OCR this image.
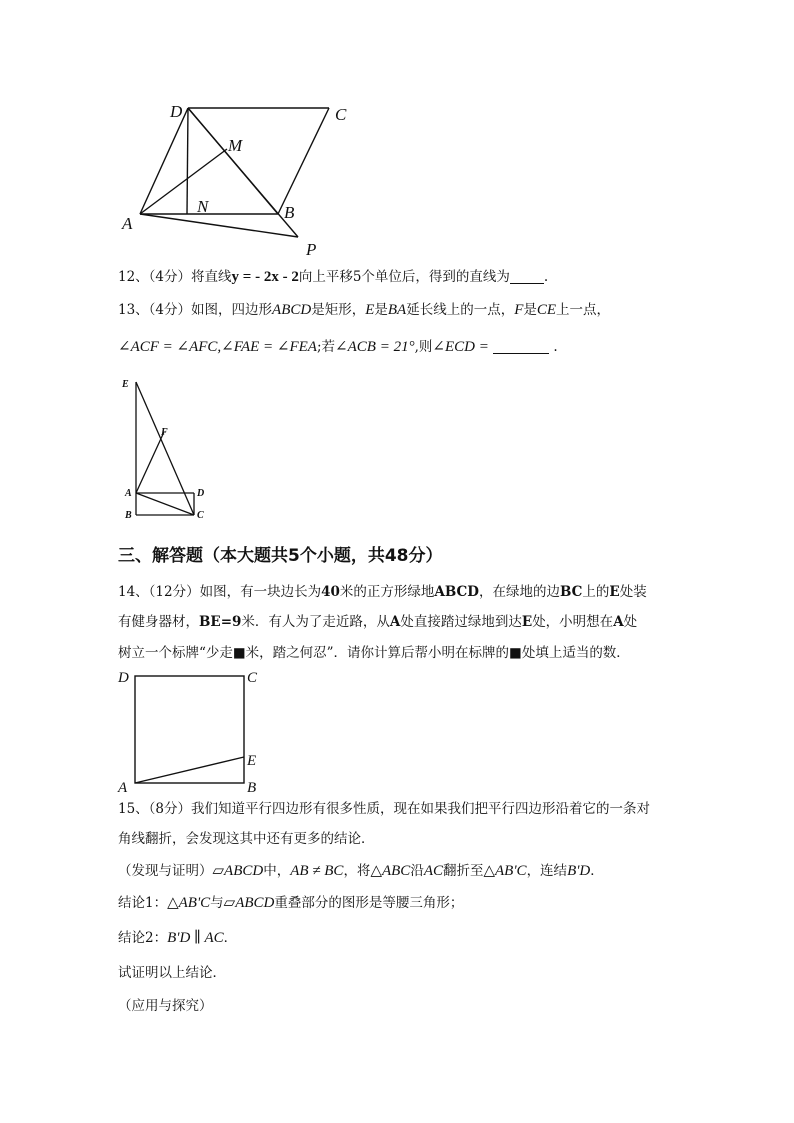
A
B
C
D
M
N
P
12、（4分）将直线y = - 2x - 2向上平移5个单位后，得到的直线为	.
13、（4分）如图，四边形ABCD是矩形，E是BA延长线上的一点，F是CE上一点，
∠ACF = ∠AFC,∠FAE = ∠FEA;若∠ACB = 21°,则∠ECD =	.
E
F
A
B
D
C
三、解答题（本大题共5个小题，共48分）
14、（12分）如图，有一块边长为40米的正方形绿地ABCD，在绿地的边BC上的E处装
有健身器材，BE=9米．有人为了走近路，从A处直接踏过绿地到达E处，小明想在A处
树立一个标牌“少走■米，踏之何忍”．请你计算后帮小明在标牌的■处填上适当的数．
D	C
E
A	B
15、（8分）我们知道平行四边形有很多性质，现在如果我们把平行四边形沿着它的一条对
角线翻折，会发现这其中还有更多的结论．
（发现与证明）▱ABCD中，AB ≠ BC，将△ABC沿AC翻折至△AB'C，连结B'D．
结论1：△AB'C与▱ABCD重叠部分的图形是等腰三角形；
结论2：B'D ∥ AC．
试证明以上结论．
（应用与探究）
